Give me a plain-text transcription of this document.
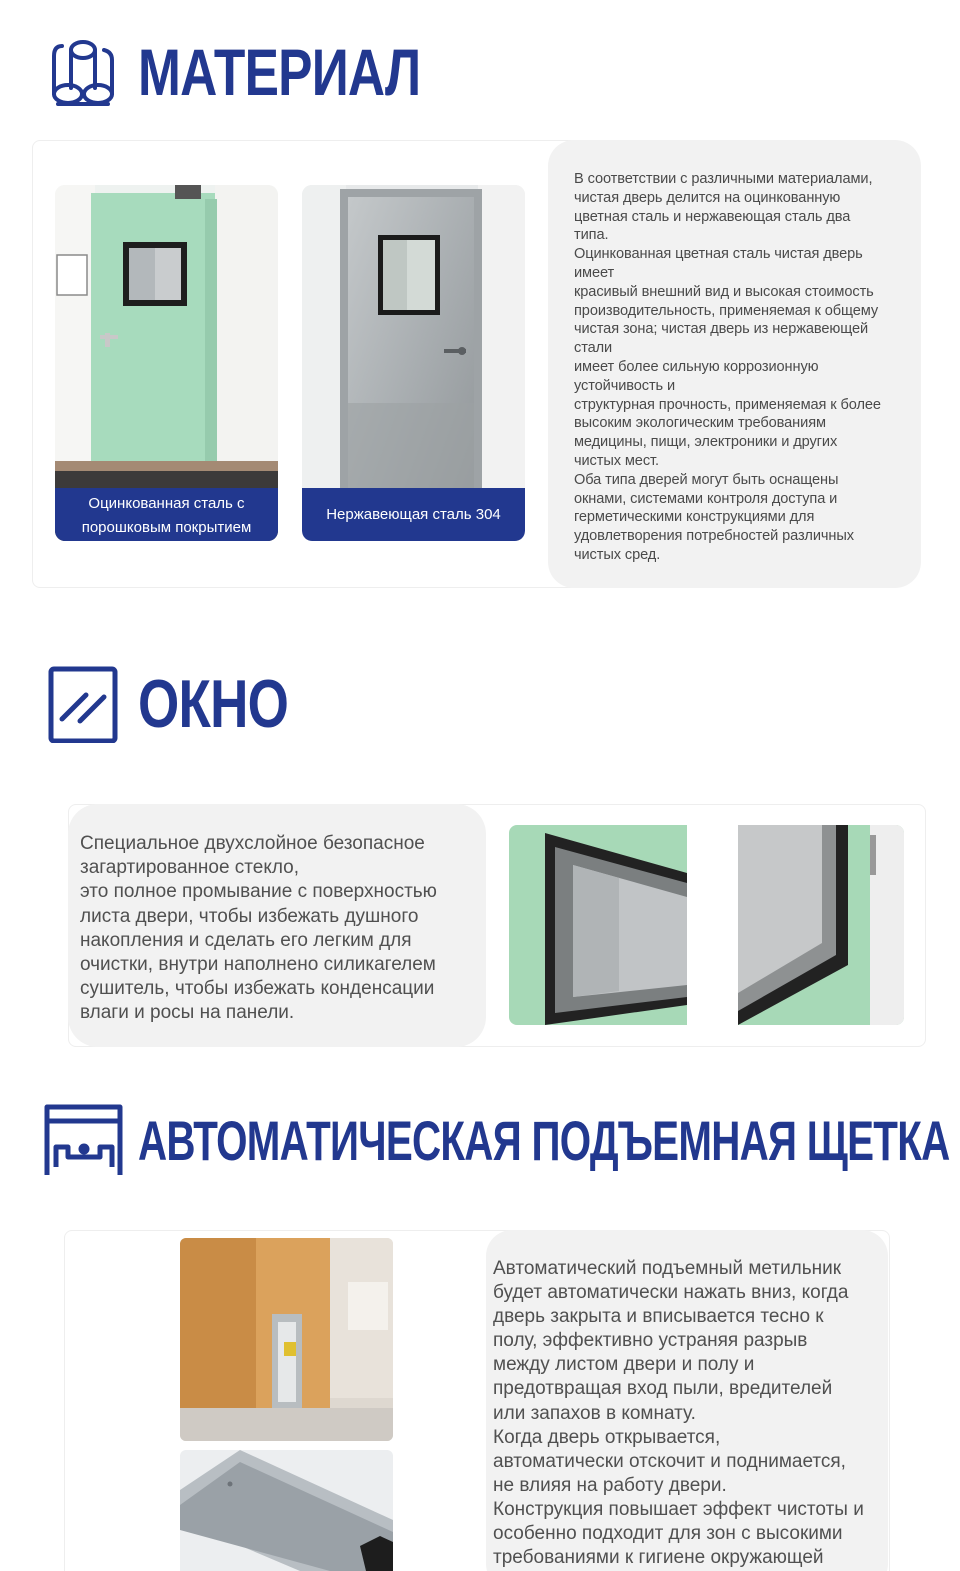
МАТЕРИАЛ
Оцинкованная сталь с
порошковым покрытием
Нержавеющая сталь 304
В соответствии с различными материалами,
чистая дверь делится на оцинкованную
цветная сталь и нержавеющая сталь два
типа.
Оцинкованная цветная сталь чистая дверь
имеет
красивый внешний вид и высокая стоимость
производительность, применяемая к общему
чистая зона; чистая дверь из нержавеющей
стали
имеет более сильную коррозионную
устойчивость и
структурная прочность, применяемая к более
высоким экологическим требованиям
медицины, пищи, электроники и других
чистых мест.
Оба типа дверей могут быть оснащены
окнами, системами контроля доступа и
герметическими конструкциями для
удовлетворения потребностей различных
чистых сред.
ОКНО
Специальное двухслойное безопасное
загартированное стекло,
это полное промывание с поверхностью
листа двери, чтобы избежать душного
накопления и сделать его легким для
очистки, внутри наполнено силикагелем
сушитель, чтобы избежать конденсации
влаги и росы на панели.
АВТОМАТИЧЕСКАЯ ПОДЪЕМНАЯ ЩЕТКА
Автоматический подъемный метильник
будет автоматически нажать вниз, когда
дверь закрыта и вписывается тесно к
полу, эффективно устраняя разрыв
между листом двери и полу и
предотвращая вход пыли, вредителей
или запахов в комнату.
Когда дверь открывается,
автоматически отскочит и поднимается,
не влияя на работу двери.
Конструкция повышает эффект чистоты и
особенно подходит для зон с высокими
требованиями к гигиене окружающей
